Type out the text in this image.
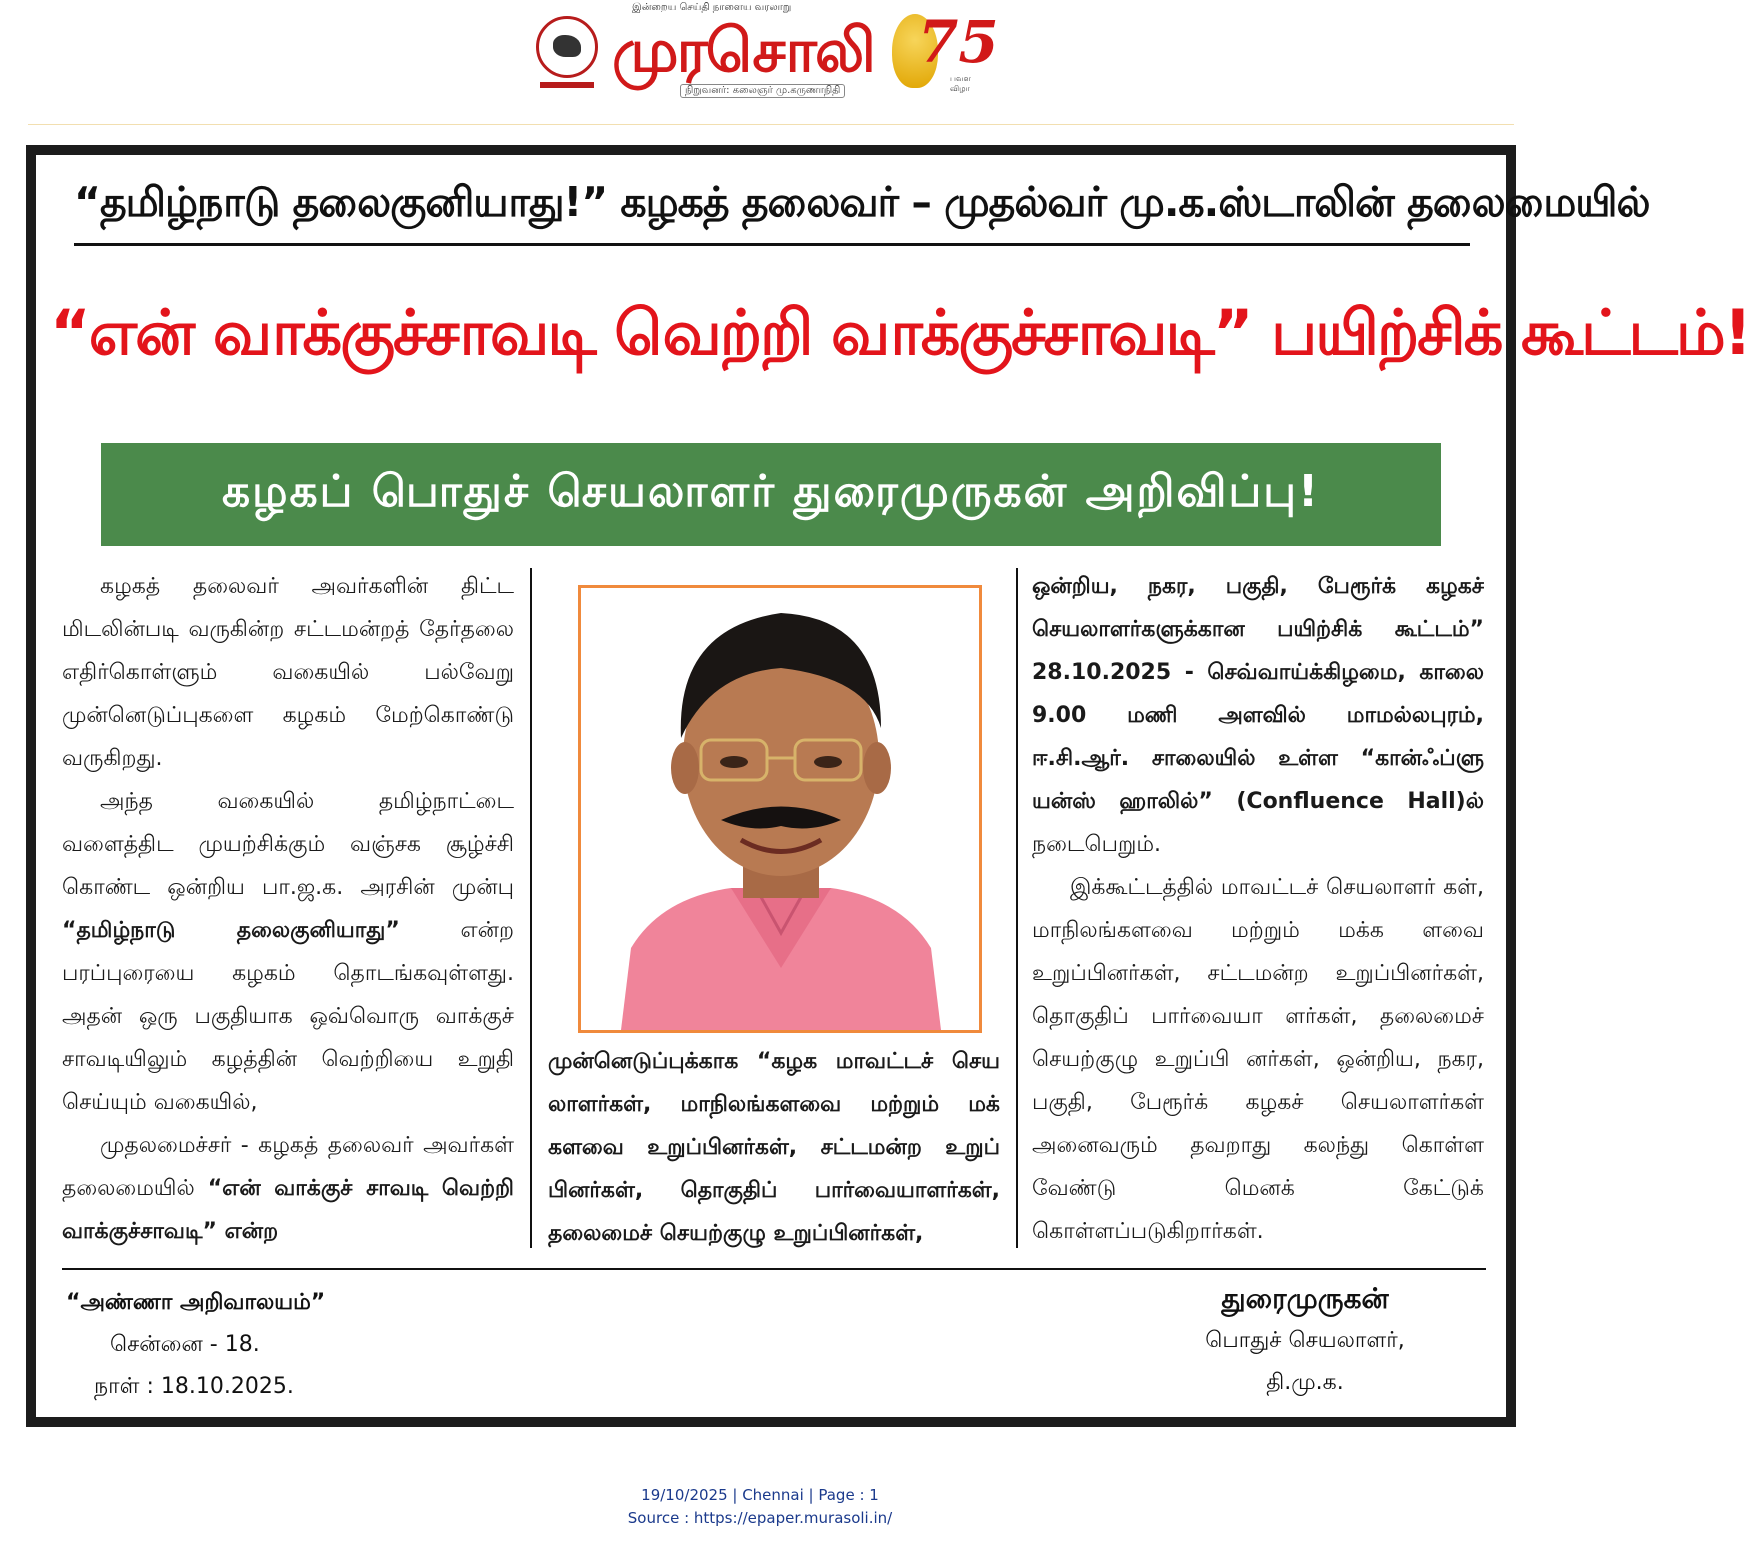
இன்றைய செய்தி நாளைய வரலாறு
முரசொலி
நிறுவனர்: கலைஞர் மு.கருணாநிதி
75
பவள விழா
“தமிழ்நாடு தலைகுனியாது!” கழகத் தலைவர் – முதல்வர் மு.க.ஸ்டாலின் தலைமையில்
“என் வாக்குச்சாவடி வெற்றி வாக்குச்சாவடி” பயிற்சிக் கூட்டம்!
கழகப் பொதுச் செயலாளர் துரைமுருகன் அறிவிப்பு!

கழகத் தலைவர் அவர்களின் திட்ட மிடலின்படி வருகின்ற சட்டமன்றத் தேர்தலை எதிர்கொள்ளும் வகையில் பல்வேறு முன்னெடுப்புகளை கழகம் மேற்கொண்டு வருகிறது.

அந்த வகையில் தமிழ்நாட்டை வளைத்திட முயற்சிக்கும் வஞ்சக சூழ்ச்சி கொண்ட ஒன்றிய பா.ஜ.க. அரசின் முன்பு “தமிழ்நாடு தலைகுனியாது” என்ற பரப்புரையை கழகம் தொடங்கவுள்ளது. அதன் ஒரு பகுதியாக ஒவ்வொரு வாக்குச் சாவடியிலும் கழத்தின் வெற்றியை உறுதி செய்யும் வகையில்,

முதலமைச்சர் - கழகத் தலைவர் அவர்கள் தலைமையில் “என் வாக்குச் சாவடி வெற்றி வாக்குச்சாவடி” என்ற

முன்னெடுப்புக்காக “கழக மாவட்டச் செய லாளர்கள், மாநிலங்களவை மற்றும் மக் களவை உறுப்பினர்கள், சட்டமன்ற உறுப் பினர்கள், தொகுதிப் பார்வையாளர்கள், தலைமைச் செயற்குழு உறுப்பினர்கள்,

ஒன்றிய, நகர, பகுதி, பேரூர்க் கழகச் செயலாளர்களுக்கான பயிற்சிக் கூட்டம்” 28.10.2025 - செவ்வாய்க்கிழமை, காலை 9.00 மணி அளவில் மாமல்லபுரம், ஈ.சி.ஆர். சாலையில் உள்ள “கான்ஃப்ளு யன்ஸ் ஹாலில்” (Confluence Hall)ல் நடைபெறும்.

இக்கூட்டத்தில் மாவட்டச் செயலாளர் கள், மாநிலங்களவை மற்றும் மக்க ளவை உறுப்பினர்கள், சட்டமன்ற உறுப்பினர்கள், தொகுதிப் பார்வையா ளர்கள், தலைமைச் செயற்குழு உறுப்பி னர்கள், ஒன்றிய, நகர, பகுதி, பேரூர்க் கழகச் செயலாளர்கள் அனைவரும் தவறாது கலந்து கொள்ள வேண்டு மெனக் கேட்டுக் கொள்ளப்படுகிறார்கள்.

“அண்ணா அறிவாலயம்”
சென்னை - 18.
நாள் : 18.10.2025.
துரைமுருகன்
பொதுச் செயலாளர்,
தி.மு.க.
19/10/2025 | Chennai | Page : 1
Source : https://epaper.murasoli.in/
